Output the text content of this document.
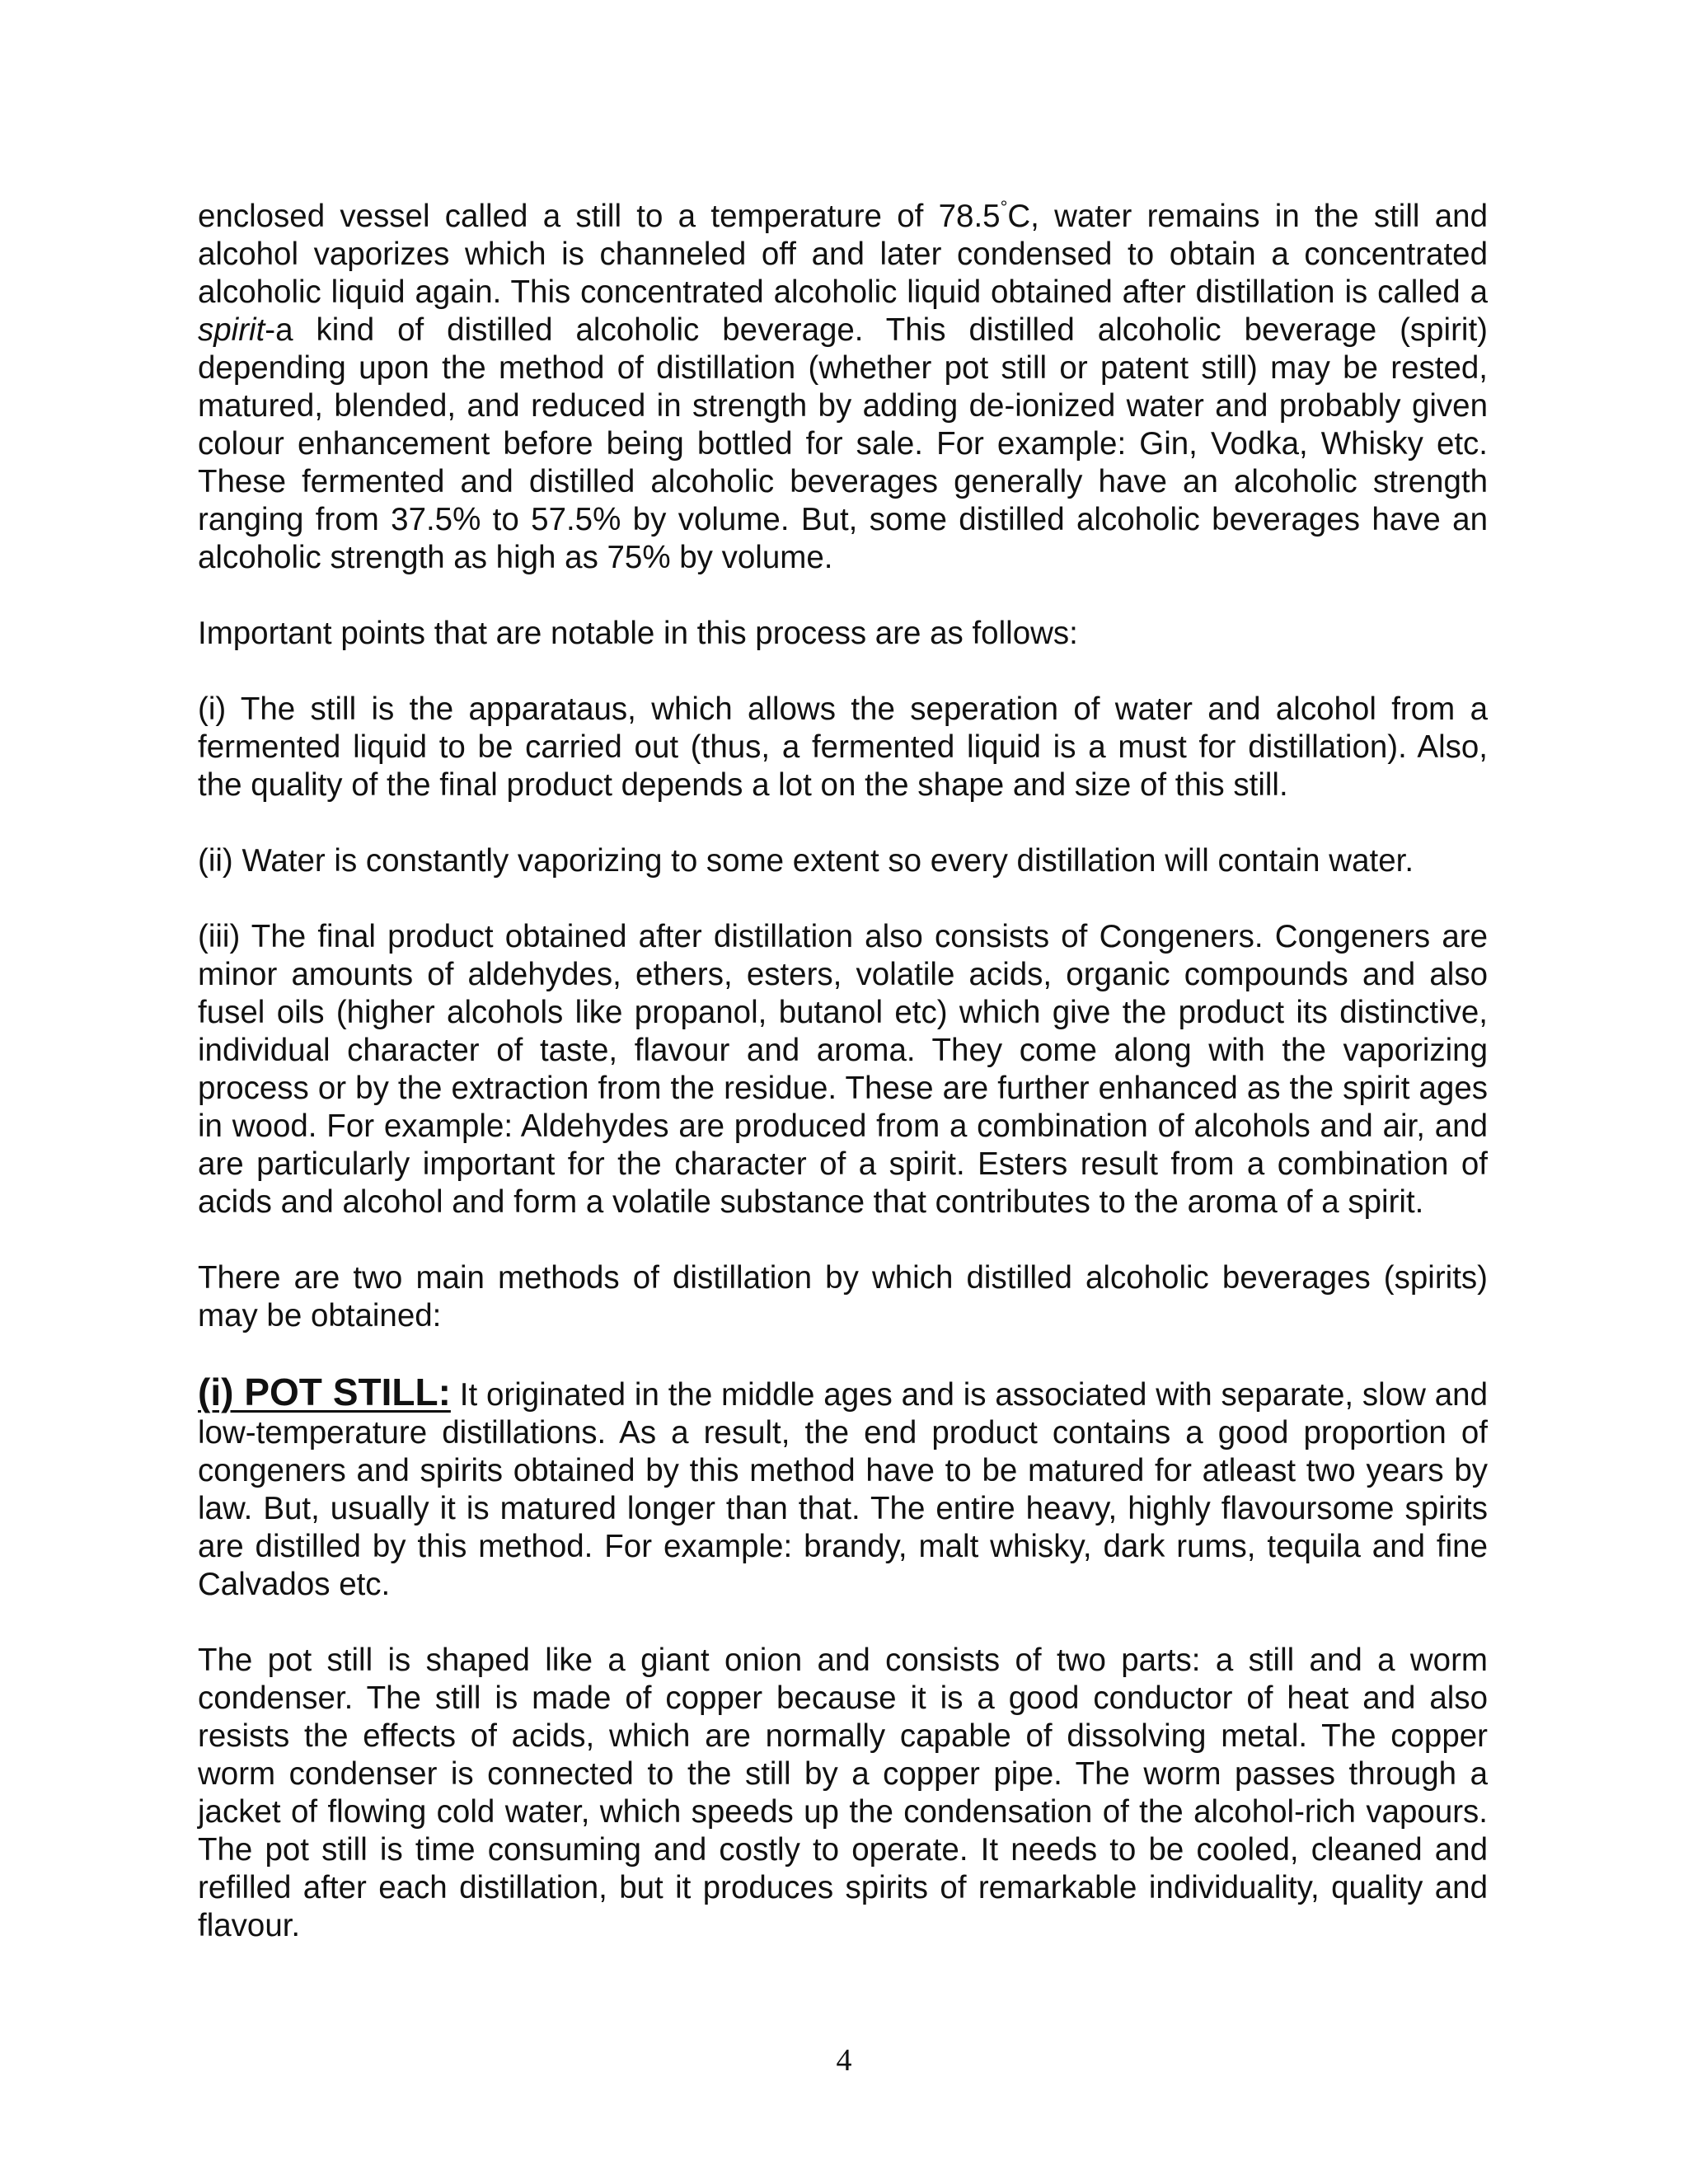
enclosed vessel called a still to a temperature of 78.5°C, water remains in the still and alcohol vaporizes which is channeled off and later condensed to obtain a concentrated alcoholic liquid again. This concentrated alcoholic liquid obtained after distillation is called a spirit-a kind of distilled alcoholic beverage. This distilled alcoholic beverage (spirit) depending upon the method of distillation (whether pot still or patent still) may be rested, matured, blended, and reduced in strength by adding de-ionized water and probably given colour enhancement before being bottled for sale. For example: Gin, Vodka, Whisky etc. These fermented and distilled alcoholic beverages generally have an alcoholic strength ranging from 37.5% to 57.5% by volume. But, some distilled alcoholic beverages have an alcoholic strength as high as 75% by volume.

Important points that are notable in this process are as follows:

(i) The still is the apparataus, which allows the seperation of water and alcohol from a fermented liquid to be carried out (thus, a fermented liquid is a must for distillation). Also, the quality of the final product depends a lot on the shape and size of this still.

(ii) Water is constantly vaporizing to some extent so every distillation will contain water.

(iii) The final product obtained after distillation also consists of Congeners. Congeners are minor amounts of aldehydes, ethers, esters, volatile acids, organic compounds and also fusel oils (higher alcohols like propanol, butanol etc) which give the product its distinctive, individual character of taste, flavour and aroma. They come along with the vaporizing process or by the extraction from the residue. These are further enhanced as the spirit ages in wood. For example: Aldehydes are produced from a combination of alcohols and air, and are particularly important for the character of a spirit. Esters result from a combination of acids and alcohol and form a volatile substance that contributes to the aroma of a spirit.

There are two main methods of distillation by which distilled alcoholic beverages (spirits) may be obtained:

(i) POT STILL: It originated in the middle ages and is associated with separate, slow and low-temperature distillations. As a result, the end product contains a good proportion of congeners and spirits obtained by this method have to be matured for atleast two years by law. But, usually it is matured longer than that. The entire heavy, highly flavoursome spirits are distilled by this method. For example: brandy, malt whisky, dark rums, tequila and fine Calvados etc.

The pot still is shaped like a giant onion and consists of two parts: a still and a worm condenser. The still is made of copper because it is a good conductor of heat and also resists the effects of acids, which are normally capable of dissolving metal. The copper worm condenser is connected to the still by a copper pipe. The worm passes through a jacket of flowing cold water, which speeds up the condensation of the alcohol-rich vapours. The pot still is time consuming and costly to operate. It needs to be cooled, cleaned and refilled after each distillation, but it produces spirits of remarkable individuality, quality and flavour.

4
